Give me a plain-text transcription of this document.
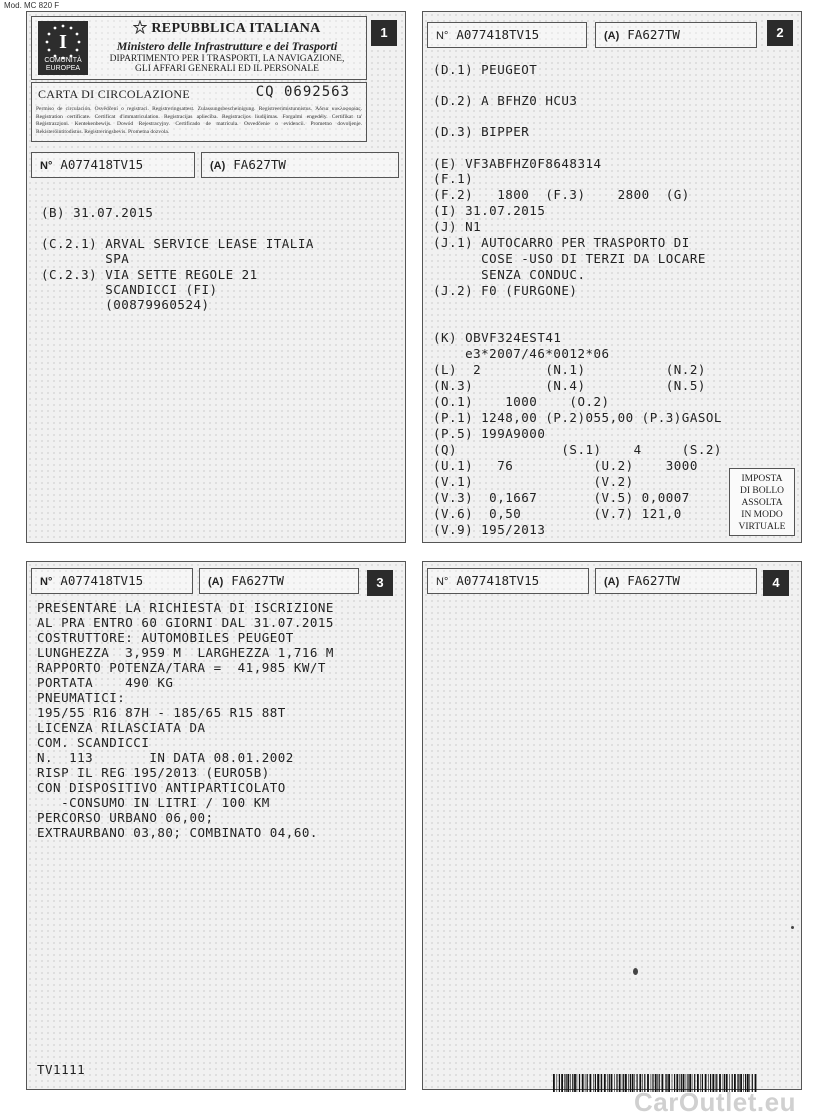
Mod. MC 820 F
I
COMUNITÀ EUROPEA
REPUBBLICA ITALIANA
Ministero delle Infrastrutture e dei Trasporti
DIPARTIMENTO PER I TRASPORTI, LA NAVIGAZIONE,
GLI AFFARI GENERALI ED IL PERSONALE
1
CARTA DI CIRCOLAZIONE	CQ 0692563
Permiso de circulación. Osvědčení o registraci. Registreringsattest. Zulassungsbescheinigung. Registreerimistunnistus. Άδεια κυκλοφορίας. Registration certificate. Certificat d'immatriculation. Registracijas apliecība. Registracijos liudijimas. Forgalmi engedély. Certifikat ta' Reġistrazzjoni. Kentekenbewijs. Dowód Rejestracyjny. Certificado de matrícula. Osvedčenie o evidencii. Prometno dovoljenje. Rekisteröintitodistus. Registreringsbevis. Prometna dozvola.
N° A077418TV15	(A) FA627TW
(B) 31.07.2015
(C.2.1) ARVAL SERVICE LEASE ITALIA
SPA
(C.2.3) VIA SETTE REGOLE 21
SCANDICCI (FI)
(00879960524)
N° A077418TV15	(A) FA627TW	2
(D.1) PEUGEOT
(D.2) A BFHZ0 HCU3
(D.3) BIPPER
(E) VF3ABFHZ0F8648314
(F.1)
(F.2)   1800  (F.3)    2800  (G)
(I) 31.07.2015
(J) N1
(J.1) AUTOCARRO PER TRASPORTO DI
COSE -USO DI TERZI DA LOCARE
SENZA CONDUC.
(J.2) F0 (FURGONE)
(K) OBVF324EST41
e3*2007/46*0012*06
(L)  2        (N.1)          (N.2)
(N.3)         (N.4)          (N.5)
(O.1)    1000    (O.2)
(P.1) 1248,00 (P.2)055,00 (P.3)GASOL
(P.5) 199A9000
(Q)             (S.1)    4     (S.2)
(U.1)   76          (U.2)    3000
(V.1)               (V.2)
(V.3)  0,1667       (V.5) 0,0007
(V.6)  0,50         (V.7) 121,0
(V.9) 195/2013
IMPOSTA
DI BOLLO
ASSOLTA
IN MODO
VIRTUALE
N° A077418TV15	(A) FA627TW	3
PRESENTARE LA RICHIESTA DI ISCRIZIONE
AL PRA ENTRO 60 GIORNI DAL 31.07.2015
COSTRUTTORE: AUTOMOBILES PEUGEOT
LUNGHEZZA  3,959 M  LARGHEZZA 1,716 M
RAPPORTO POTENZA/TARA =  41,985 KW/T
PORTATA    490 KG
PNEUMATICI:
195/55 R16 87H - 185/65 R15 88T
LICENZA RILASCIATA DA
COM. SCANDICCI
N.  113       IN DATA 08.01.2002
RISP IL REG 195/2013 (EURO5B)
CON DISPOSITIVO ANTIPARTICOLATO
-CONSUMO IN LITRI / 100 KM
PERCORSO URBANO 06,00;
EXTRAURBANO 03,80; COMBINATO 04,60.
TV1111
N° A077418TV15	(A) FA627TW	4
CarOutlet.eu
